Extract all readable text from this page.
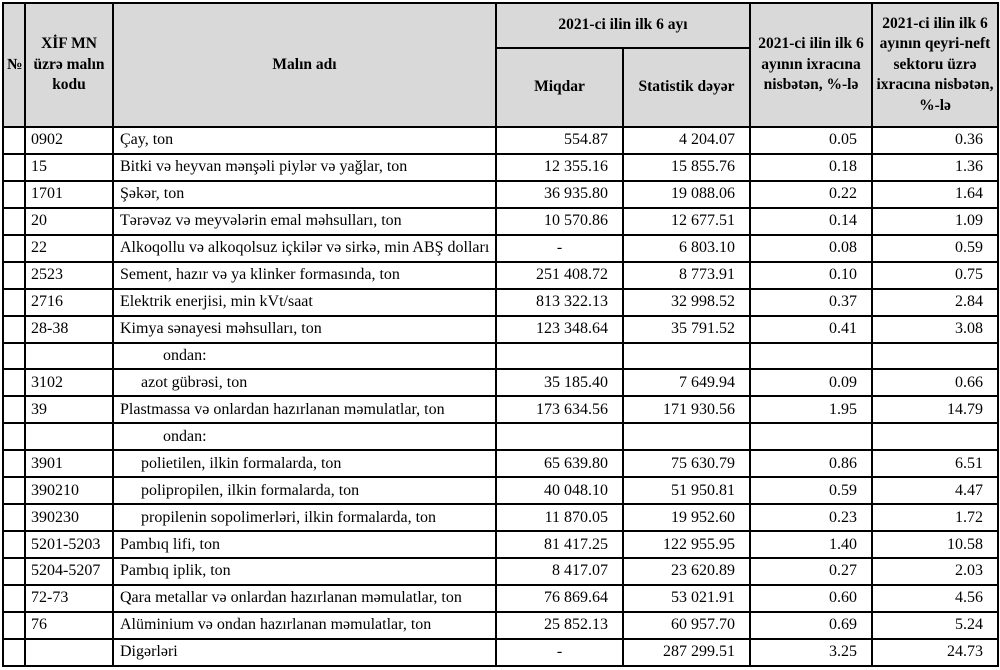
№	XİF MN üzrə malın kodu	Malın adı	2021-ci ilin ilk 6 ayı		2021-ci ilin ilk 6 ayının ixracına nisbətən, %-lə	2021-ci ilin ilk 6 ayının qeyri-neft sektoru üzrə ixracına nisbətən, %-lə
			Miqdar	Statistik dəyər		
	0902	Çay, ton	554.87	4 204.07	0.05	0.36
	15	Bitki və heyvan mənşəli piylər və yağlar, ton	12 355.16	15 855.76	0.18	1.36
	1701	Şəkər, ton	36 935.80	19 088.06	0.22	1.64
	20	Tərəvəz və meyvələrin emal məhsulları, ton	10 570.86	12 677.51	0.14	1.09
	22	Alkoqollu və alkoqolsuz içkilər və sirkə, min ABŞ dolları	-	6 803.10	0.08	0.59
	2523	Sement, hazır və ya klinker formasında, ton	251 408.72	8 773.91	0.10	0.75
	2716	Elektrik enerjisi, min kVt/saat	813 322.13	32 998.52	0.37	2.84
	28-38	Kimya sənayesi məhsulları, ton	123 348.64	35 791.52	0.41	3.08
		ondan:				
	3102	azot gübrəsi, ton	35 185.40	7 649.94	0.09	0.66
	39	Plastmassa və onlardan hazırlanan məmulatlar, ton	173 634.56	171 930.56	1.95	14.79
		ondan:				
	3901	polietilen, ilkin formalarda, ton	65 639.80	75 630.79	0.86	6.51
	390210	polipropilen, ilkin formalarda, ton	40 048.10	51 950.81	0.59	4.47
	390230	propilenin sopolimerləri, ilkin formalarda, ton	11 870.05	19 952.60	0.23	1.72
	5201-5203	Pambıq lifi, ton	81 417.25	122 955.95	1.40	10.58
	5204-5207	Pambıq iplik, ton	8 417.07	23 620.89	0.27	2.03
	72-73	Qara metallar və onlardan hazırlanan məmulatlar, ton	76 869.64	53 021.91	0.60	4.56
	76	Alüminium və ondan hazırlanan məmulatlar, ton	25 852.13	60 957.70	0.69	5.24
		Digərləri	-	287 299.51	3.25	24.73
